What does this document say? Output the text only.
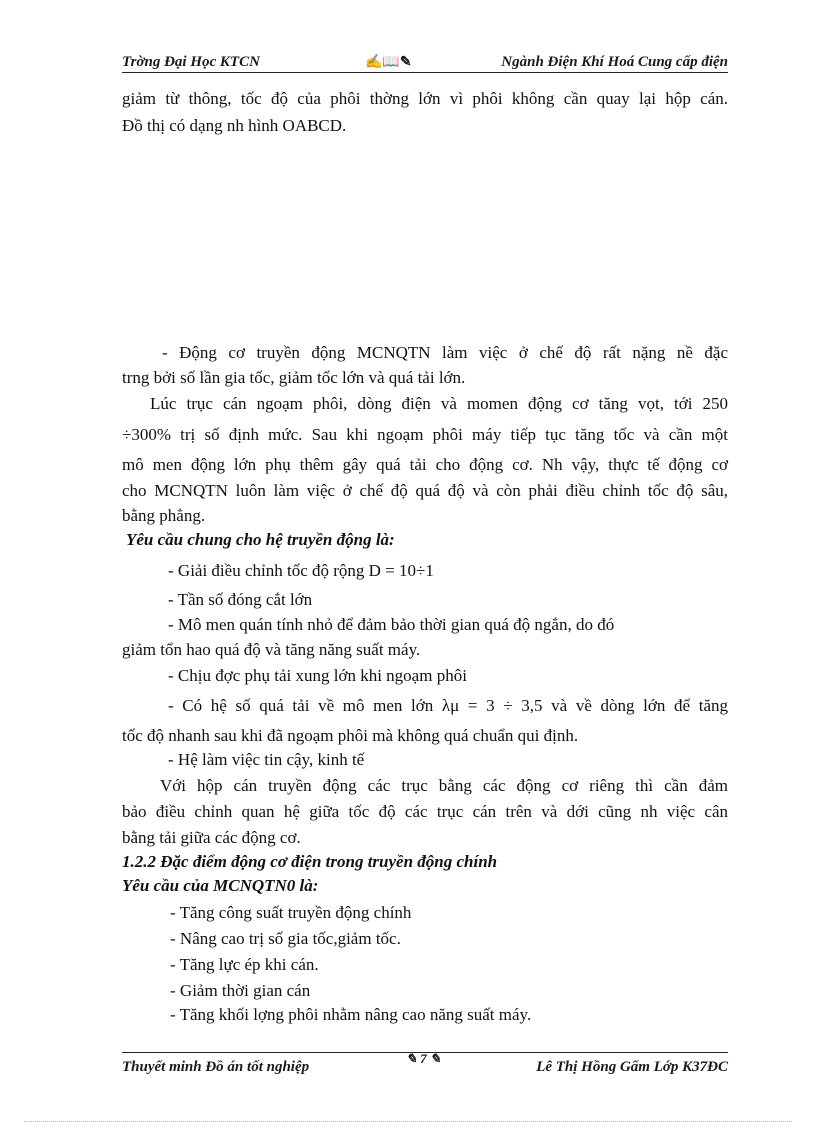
Trờng Đại Học KTCN	✍📖✎	Ngành Điện Khí Hoá Cung cấp điện
giảm từ thông, tốc độ của phôi thờng lớn vì phôi không cần quay lại hộp cán.
Đồ thị có dạng nh hình OABCD.
- Động cơ truyền động MCNQTN làm việc ở chế độ rất nặng nề đặc
trng bởi số lần gia tốc, giảm tốc lớn và quá tải lớn.
Lúc trục cán ngoạm phôi, dòng điện và momen động cơ tăng vọt, tới 250
÷300% trị số định mức. Sau khi ngoạm phôi máy tiếp tục tăng tốc và cần một
mô men động lớn phụ thêm gây quá tải cho động cơ. Nh vậy, thực tế động cơ
cho MCNQTN luôn làm việc ở chế độ quá độ và còn phải điều chỉnh tốc độ sâu,
bằng phẳng.
Yêu cầu chung cho hệ truyền động là:
- Giải điều chỉnh tốc độ rộng D = 10÷1
- Tần số đóng cắt lớn
- Mô men quán tính nhỏ để đảm bảo thời gian quá độ ngắn, do đó
giảm tổn hao quá độ và tăng năng suất máy.
- Chịu đợc phụ tải xung lớn khi ngoạm phôi
- Có hệ số quá tải về mô men lớn λμ = 3 ÷ 3,5 và về dòng lớn để tăng
tốc độ nhanh sau khi đã ngoạm phôi mà không quá chuẩn qui định.
- Hệ làm việc tin cậy, kinh tế
Với hộp cán truyền động các trục bằng các động cơ riêng thì cần đảm
bảo điều chỉnh quan hệ giữa tốc độ các trục cán trên và dới cũng nh việc cân
bằng tải giữa các động cơ.
1.2.2 Đặc điểm động cơ điện trong truyền động chính
Yêu cầu của MCNQTN0 là:
- Tăng công suất truyền động chính
- Nâng cao trị số gia tốc,giảm tốc.
- Tăng lực ép khi cán.
- Giảm thời gian cán
- Tăng khối lợng phôi nhằm nâng cao năng suất máy.
Thuyết minh Đồ án tốt nghiệp
✎ 7 ✎
Lê Thị Hồng Gấm Lớp K37ĐC
